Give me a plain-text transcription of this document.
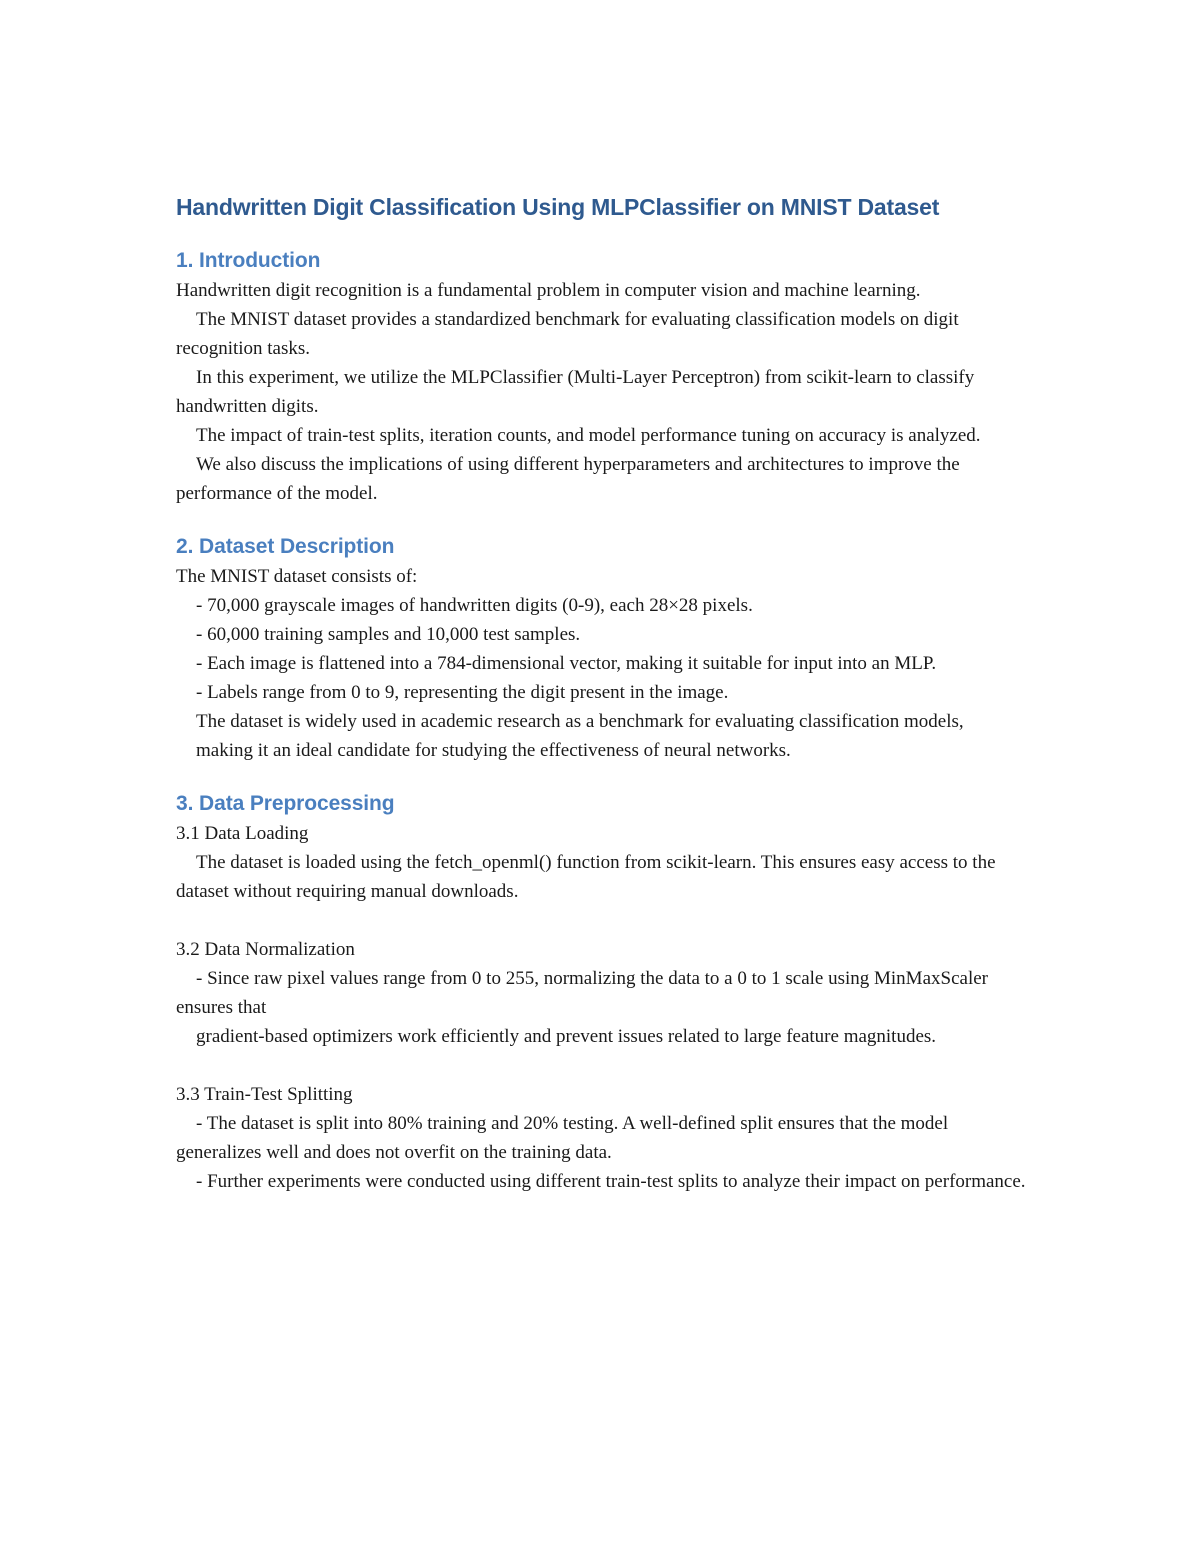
Handwritten Digit Classification Using MLPClassifier on MNIST Dataset
1. Introduction

Handwritten digit recognition is a fundamental problem in computer vision and machine learning.

The MNIST dataset provides a standardized benchmark for evaluating classification models on digit recognition tasks.

In this experiment, we utilize the MLPClassifier (Multi-Layer Perceptron) from scikit-learn to classify handwritten digits.

The impact of train-test splits, iteration counts, and model performance tuning on accuracy is analyzed.

We also discuss the implications of using different hyperparameters and architectures to improve the performance of the model.

2. Dataset Description

The MNIST dataset consists of:

- 70,000 grayscale images of handwritten digits (0-9), each 28×28 pixels.

- 60,000 training samples and 10,000 test samples.

- Each image is flattened into a 784-dimensional vector, making it suitable for input into an MLP.

- Labels range from 0 to 9, representing the digit present in the image.

The dataset is widely used in academic research as a benchmark for evaluating classification models,

making it an ideal candidate for studying the effectiveness of neural networks.

3. Data Preprocessing

3.1 Data Loading

The dataset is loaded using the fetch_openml() function from scikit-learn. This ensures easy access to the dataset without requiring manual downloads.

3.2 Data Normalization

- Since raw pixel values range from 0 to 255, normalizing the data to a 0 to 1 scale using MinMaxScaler ensures that

gradient-based optimizers work efficiently and prevent issues related to large feature magnitudes.

3.3 Train-Test Splitting

- The dataset is split into 80% training and 20% testing. A well-defined split ensures that the model generalizes well and does not overfit on the training data.

- Further experiments were conducted using different train-test splits to analyze their impact on performance.
